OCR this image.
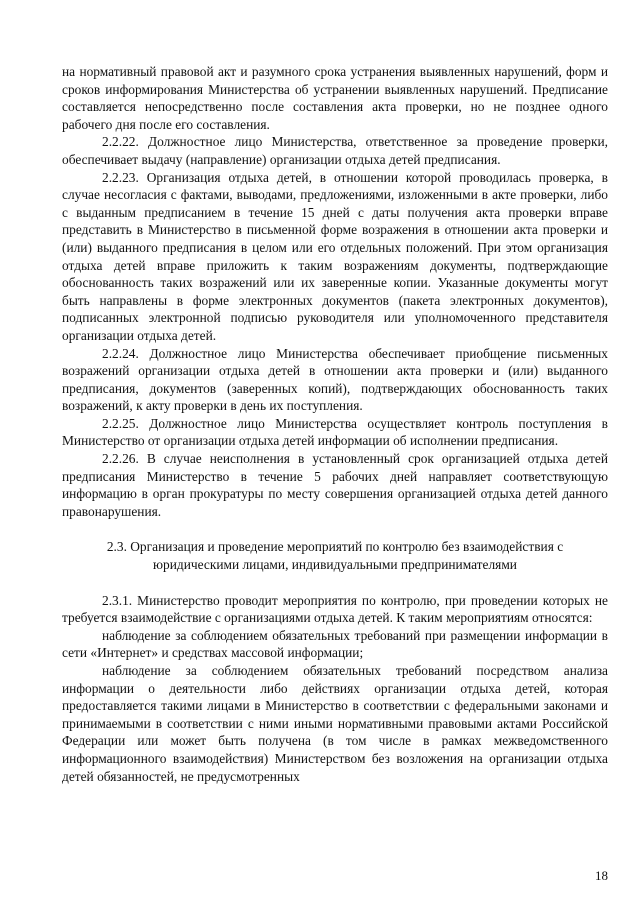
на нормативный правовой акт и разумного срока устранения выявленных нарушений, форм и сроков информирования Министерства об устранении выявленных нарушений. Предписание составляется непосредственно после составления акта проверки, но не позднее одного рабочего дня после его составления.

2.2.22. Должностное лицо Министерства, ответственное за проведение проверки, обеспечивает выдачу (направление) организации отдыха детей предписания.

2.2.23. Организация отдыха детей, в отношении которой проводилась проверка, в случае несогласия с фактами, выводами, предложениями, изложенными в акте проверки, либо с выданным предписанием в течение 15 дней с даты получения акта проверки вправе представить в Министерство в письменной форме возражения в отношении акта проверки и (или) выданного предписания в целом или его отдельных положений. При этом организация отдыха детей вправе приложить к таким возражениям документы, подтверждающие обоснованность таких возражений или их заверенные копии. Указанные документы могут быть направлены в форме электронных документов (пакета электронных документов), подписанных электронной подписью руководителя или уполномоченного представителя организации отдыха детей.

2.2.24. Должностное лицо Министерства обеспечивает приобщение письменных возражений организации отдыха детей в отношении акта проверки и (или) выданного предписания, документов (заверенных копий), подтверждающих обоснованность таких возражений, к акту проверки в день их поступления.

2.2.25. Должностное лицо Министерства осуществляет контроль поступления в Министерство от организации отдыха детей информации об исполнении предписания.

2.2.26. В случае неисполнения в установленный срок организацией отдыха детей предписания Министерство в течение 5 рабочих дней направляет соответствующую информацию в орган прокуратуры по месту совершения организацией отдыха детей данного правонарушения.

2.3. Организация и проведение мероприятий по контролю без взаимодействия с
юридическими лицами, индивидуальными предпринимателями

2.3.1. Министерство проводит мероприятия по контролю, при проведении которых не требуется взаимодействие с организациями отдыха детей. К таким мероприятиям относятся:

наблюдение за соблюдением обязательных требований при размещении информации в сети «Интернет» и средствах массовой информации;

наблюдение за соблюдением обязательных требований посредством анализа информации о деятельности либо действиях организации отдыха детей, которая предоставляется такими лицами в Министерство в соответствии с федеральными законами и принимаемыми в соответствии с ними иными нормативными правовыми актами Российской Федерации или может быть получена (в том числе в рамках межведомственного информационного взаимодействия) Министерством без возложения на организации отдыха детей обязанностей, не предусмотренных

18
